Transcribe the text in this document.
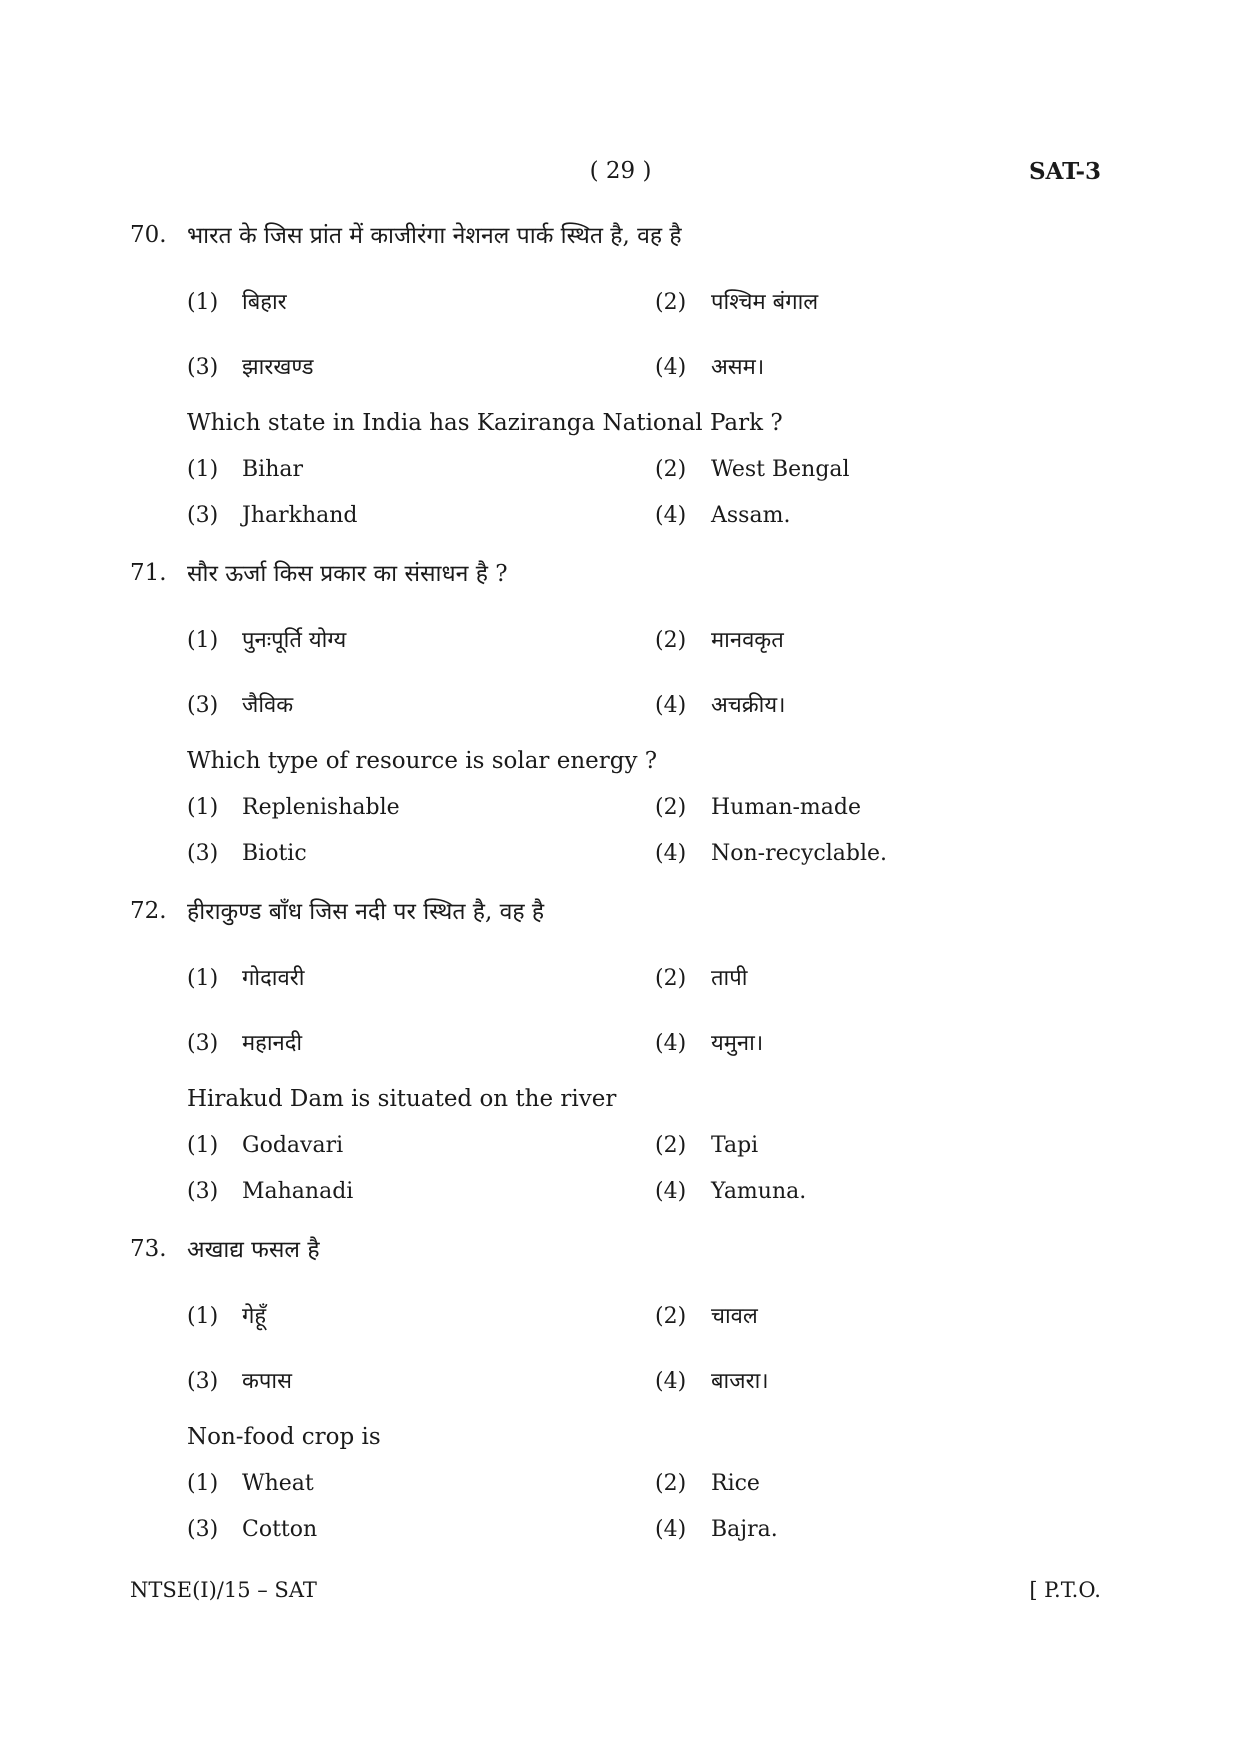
( 29 )	SAT-3
70. भारत के जिस प्रांत में काजीरंगा नेशनल पार्क स्थित है, वह है
(1) बिहार	(2) पश्चिम बंगाल
(3) झारखण्ड	(4) असम।
Which state in India has Kaziranga National Park ?
(1) Bihar	(2) West Bengal
(3) Jharkhand	(4) Assam.
71. सौर ऊर्जा किस प्रकार का संसाधन है ?
(1) पुनःपूर्ति योग्य	(2) मानवकृत
(3) जैविक	(4) अचक्रीय।
Which type of resource is solar energy ?
(1) Replenishable	(2) Human-made
(3) Biotic	(4) Non-recyclable.
72. हीराकुण्ड बाँध जिस नदी पर स्थित है, वह है
(1) गोदावरी	(2) तापी
(3) महानदी	(4) यमुना।
Hirakud Dam is situated on the river
(1) Godavari	(2) Tapi
(3) Mahanadi	(4) Yamuna.
73. अखाद्य फसल है
(1) गेहूँ	(2) चावल
(3) कपास	(4) बाजरा।
Non-food crop is
(1) Wheat	(2) Rice
(3) Cotton	(4) Bajra.
NTSE(I)/15 – SAT	[ P.T.O.
